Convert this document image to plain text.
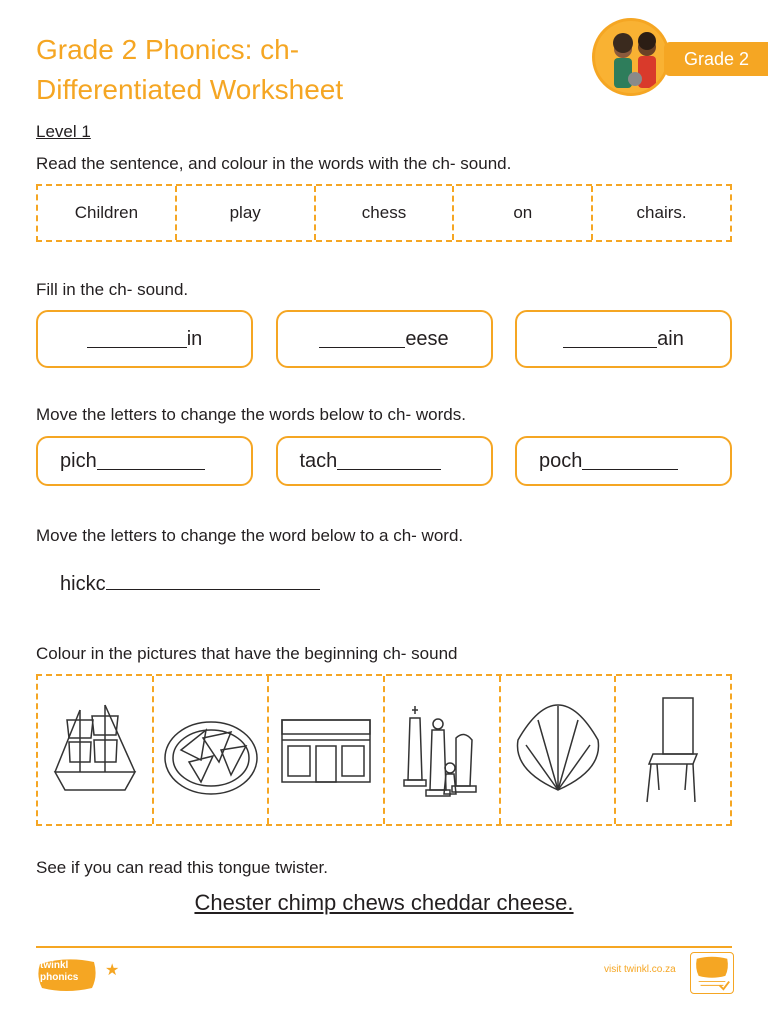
Grade 2 Phonics: ch-
Differentiated Worksheet
Grade 2
Level 1
Read the sentence, and colour in the words with the ch- sound.
Children	play	chess	on	chairs.
Fill in the ch- sound.
in	eese	ain
Move the letters to change the words below to ch- words.
pich	tach	poch
Move the letters to change the word below to a ch- word.
hickc
Colour in the pictures that have the beginning ch- sound
See if you can read this tongue twister.
Chester chimp chews cheddar cheese.
twinkl
phonics ★	visit twinkl.co.za
